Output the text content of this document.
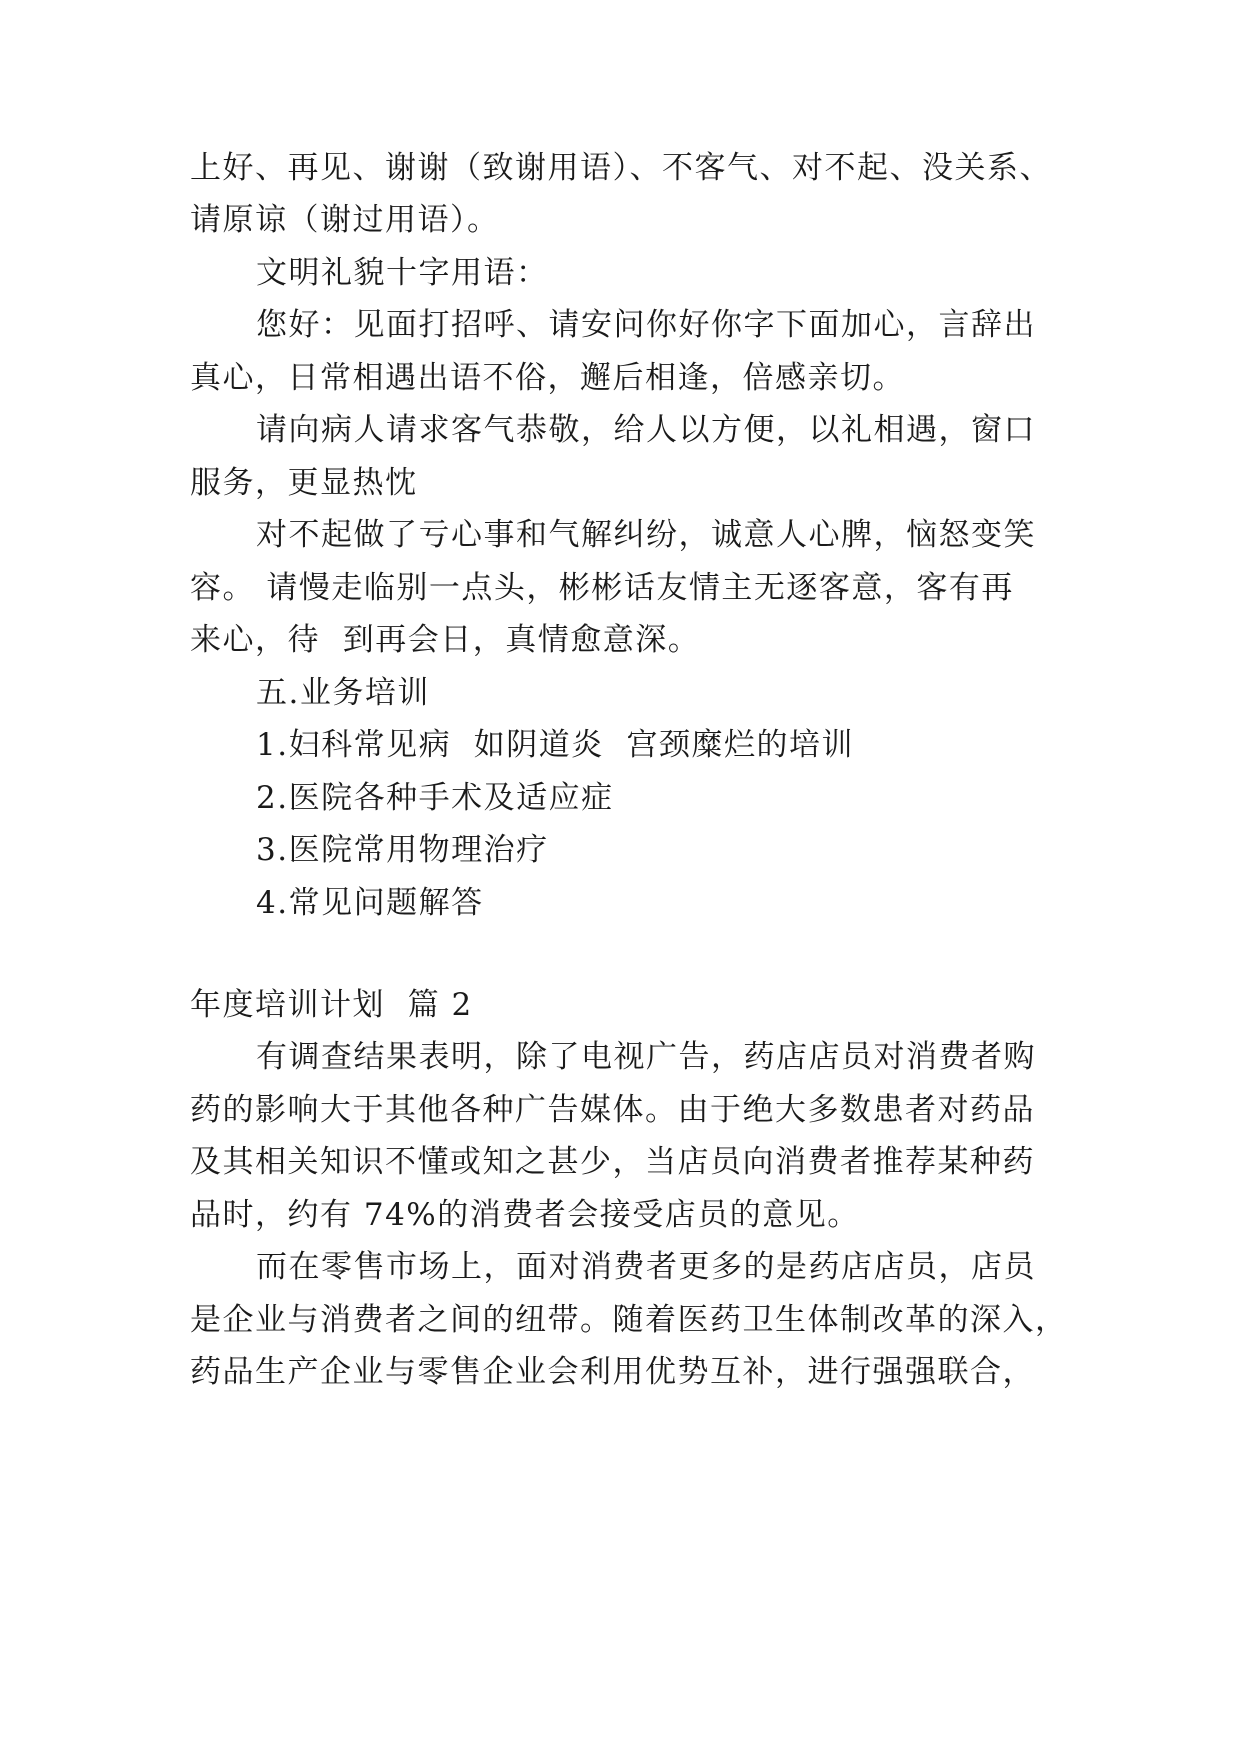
上好、再见、谢谢（致谢用语）、不客气、对不起、没关系、
请原谅（谢过用语）。
文明礼貌十字用语：
您好：见面打招呼、请安问你好你字下面加心，言辞出
真心，日常相遇出语不俗，邂后相逢，倍感亲切。
请向病人请求客气恭敬，给人以方便，以礼相遇，窗口
服务，更显热忱
对不起做了亏心事和气解纠纷，诚意人心脾，恼怒变笑
容。 请慢走临别一点头，彬彬话友情主无逐客意，客有再
来心，待  到再会日，真情愈意深。
五.业务培训
1.妇科常见病  如阴道炎  宫颈糜烂的培训
2.医院各种手术及适应症
3.医院常用物理治疗
4.常见问题解答
年度培训计划  篇 2
有调查结果表明，除了电视广告，药店店员对消费者购
药的影响大于其他各种广告媒体。由于绝大多数患者对药品
及其相关知识不懂或知之甚少，当店员向消费者推荐某种药
品时，约有 74%的消费者会接受店员的意见。
而在零售市场上，面对消费者更多的是药店店员，店员
是企业与消费者之间的纽带。随着医药卫生体制改革的深入，
药品生产企业与零售企业会利用优势互补，进行强强联合，
